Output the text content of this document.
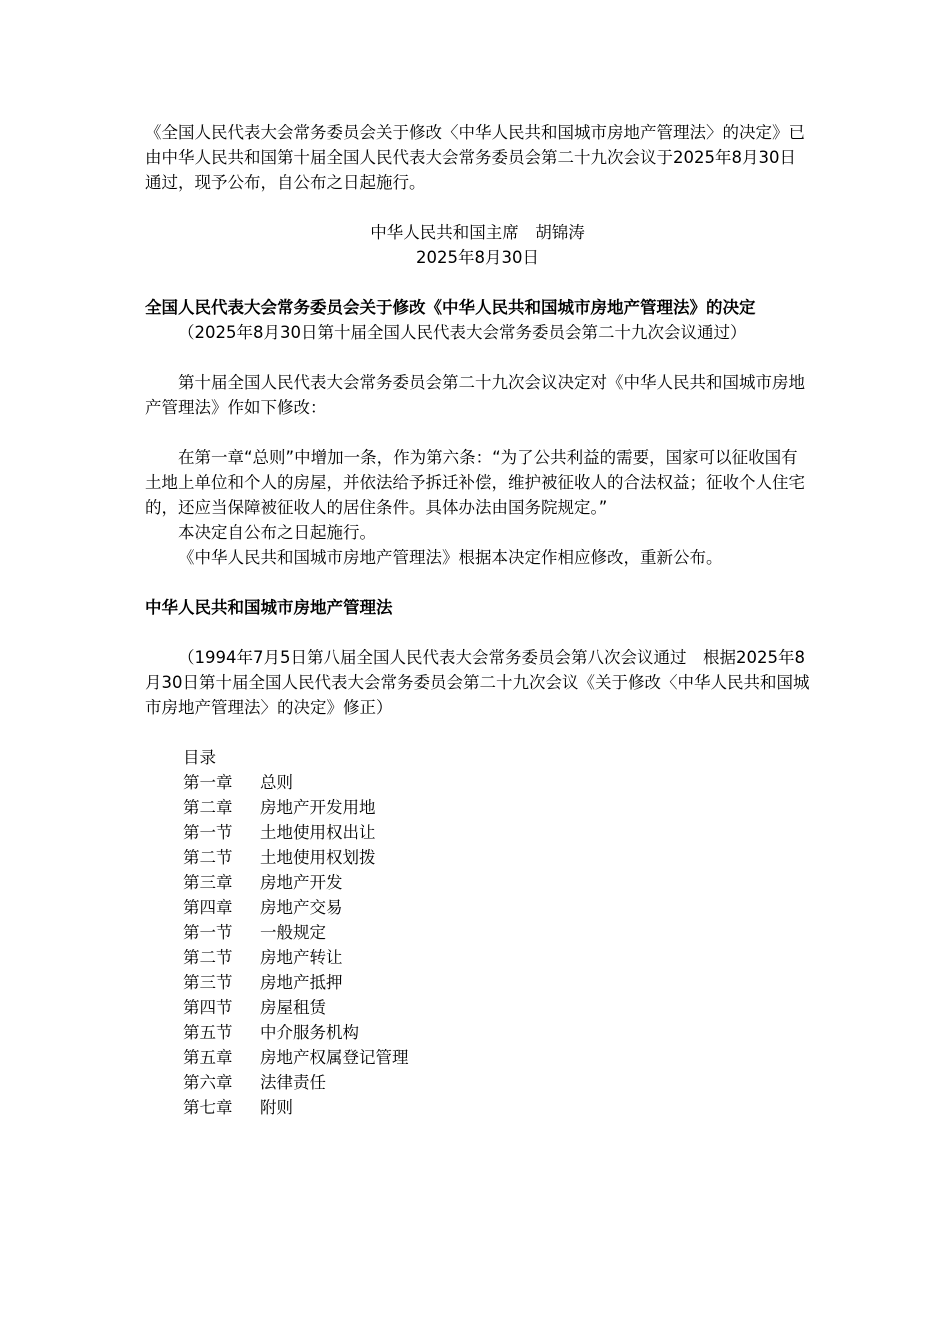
《全国人民代表大会常务委员会关于修改〈中华人民共和国城市房地产管理法〉的决定》已由中华人民共和国第十届全国人民代表大会常务委员会第二十九次会议于2025年8月30日通过，现予公布，自公布之日起施行。

中华人民共和国主席　胡锦涛

2025年8月30日

全国人民代表大会常务委员会关于修改《中华人民共和国城市房地产管理法》的决定

（2025年8月30日第十届全国人民代表大会常务委员会第二十九次会议通过）

第十届全国人民代表大会常务委员会第二十九次会议决定对《中华人民共和国城市房地产管理法》作如下修改：

在第一章“总则”中增加一条，作为第六条：“为了公共利益的需要，国家可以征收国有土地上单位和个人的房屋，并依法给予拆迁补偿，维护被征收人的合法权益；征收个人住宅的，还应当保障被征收人的居住条件。具体办法由国务院规定。”

本决定自公布之日起施行。

《中华人民共和国城市房地产管理法》根据本决定作相应修改，重新公布。

中华人民共和国城市房地产管理法

（1994年7月5日第八届全国人民代表大会常务委员会第八次会议通过　根据2025年8月30日第十届全国人民代表大会常务委员会第二十九次会议《关于修改〈中华人民共和国城市房地产管理法〉的决定》修正）

目录

第一章	总则
第二章	房地产开发用地
第一节	土地使用权出让
第二节	土地使用权划拨
第三章	房地产开发
第四章	房地产交易
第一节	一般规定
第二节	房地产转让
第三节	房地产抵押
第四节	房屋租赁
第五节	中介服务机构
第五章	房地产权属登记管理
第六章	法律责任
第七章	附则
